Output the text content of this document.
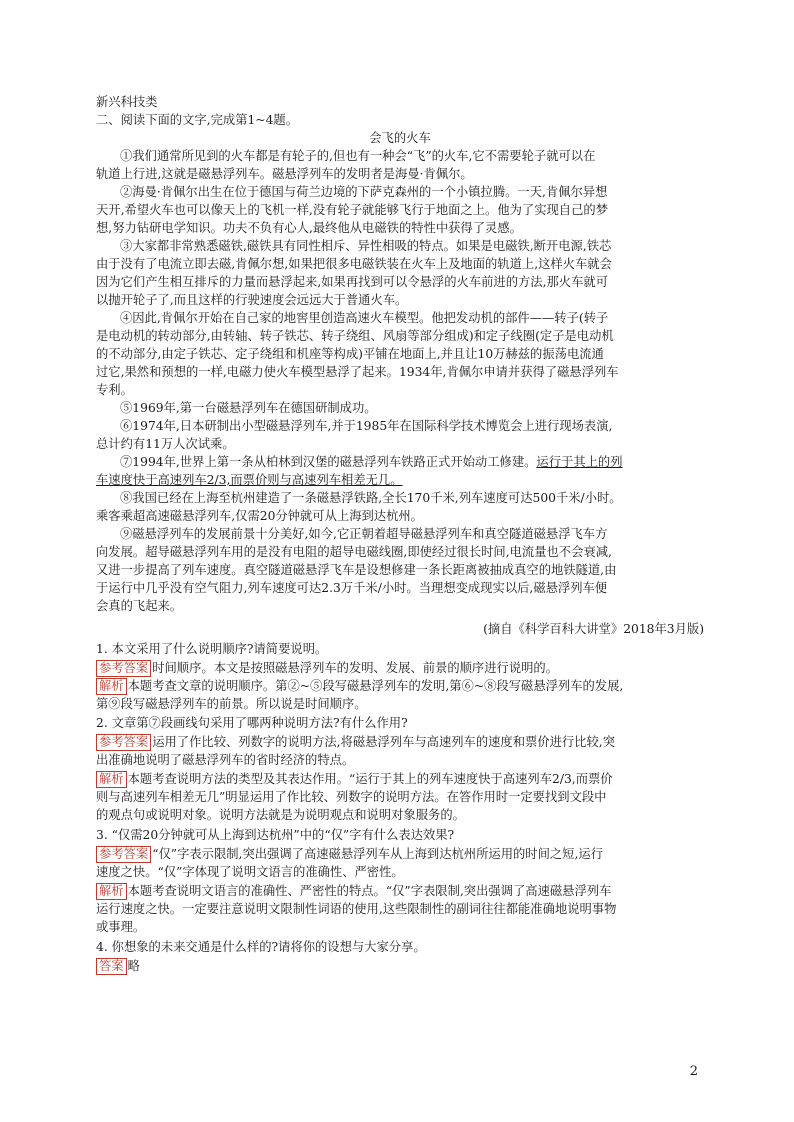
新兴科技类
二、阅读下面的文字,完成第1~4题。
会飞的火车
①我们通常所见到的火车都是有轮子的,但也有一种会“飞”的火车,它不需要轮子就可以在
轨道上行进,这就是磁悬浮列车。磁悬浮列车的发明者是海曼·肯佩尔。
②海曼·肯佩尔出生在位于德国与荷兰边境的下萨克森州的一个小镇拉腾。一天,肯佩尔异想
天开,希望火车也可以像天上的飞机一样,没有轮子就能够飞行于地面之上。他为了实现自己的梦
想,努力钻研电学知识。功夫不负有心人,最终他从电磁铁的特性中获得了灵感。
③大家都非常熟悉磁铁,磁铁具有同性相斥、异性相吸的特点。如果是电磁铁,断开电源,铁芯
由于没有了电流立即去磁,肯佩尔想,如果把很多电磁铁装在火车上及地面的轨道上,这样火车就会
因为它们产生相互排斥的力量而悬浮起来,如果再找到可以令悬浮的火车前进的方法,那火车就可
以抛开轮子了,而且这样的行驶速度会远远大于普通火车。
④因此,肯佩尔开始在自己家的地窖里创造高速火车模型。他把发动机的部件——转子(转子
是电动机的转动部分,由转轴、转子铁芯、转子绕组、风扇等部分组成)和定子线圈(定子是电动机
的不动部分,由定子铁芯、定子绕组和机座等构成)平铺在地面上,并且让10万赫兹的振荡电流通
过它,果然和预想的一样,电磁力使火车模型悬浮了起来。1934年,肯佩尔申请并获得了磁悬浮列车
专利。
⑤1969年,第一台磁悬浮列车在德国研制成功。
⑥1974年,日本研制出小型磁悬浮列车,并于1985年在国际科学技术博览会上进行现场表演,
总计约有11万人次试乘。
⑦1994年,世界上第一条从柏林到汉堡的磁悬浮列车铁路正式开始动工修建。运行于其上的列
车速度快于高速列车2/3,而票价则与高速列车相差无几。
⑧我国已经在上海至杭州建造了一条磁悬浮铁路,全长170千米,列车速度可达500千米/小时。
乘客乘超高速磁悬浮列车,仅需20分钟就可从上海到达杭州。
⑨磁悬浮列车的发展前景十分美好,如今,它正朝着超导磁悬浮列车和真空隧道磁悬浮飞车方
向发展。超导磁悬浮列车用的是没有电阻的超导电磁线圈,即使经过很长时间,电流量也不会衰减,
又进一步提高了列车速度。真空隧道磁悬浮飞车是设想修建一条长距离被抽成真空的地铁隧道,由
于运行中几乎没有空气阻力,列车速度可达2.3万千米/小时。当理想变成现实以后,磁悬浮列车便
会真的飞起来。
(摘自《科学百科大讲堂》2018年3月版)
1. 本文采用了什么说明顺序?请简要说明。
参考答案 时间顺序。本文是按照磁悬浮列车的发明、发展、前景的顺序进行说明的。
解析 本题考查文章的说明顺序。第②~⑤段写磁悬浮列车的发明,第⑥~⑧段写磁悬浮列车的发展,
第⑨段写磁悬浮列车的前景。所以说是时间顺序。
2. 文章第⑦段画线句采用了哪两种说明方法?有什么作用?
参考答案 运用了作比较、列数字的说明方法,将磁悬浮列车与高速列车的速度和票价进行比较,突
出准确地说明了磁悬浮列车的省时经济的特点。
解析 本题考查说明方法的类型及其表达作用。“运行于其上的列车速度快于高速列车2/3,而票价
则与高速列车相差无几”明显运用了作比较、列数字的说明方法。在答作用时一定要找到文段中
的观点句或说明对象。说明方法就是为说明观点和说明对象服务的。
3. “仅需20分钟就可从上海到达杭州”中的“仅”字有什么表达效果?
参考答案 “仅”字表示限制,突出强调了高速磁悬浮列车从上海到达杭州所运用的时间之短,运行
速度之快。“仅”字体现了说明文语言的准确性、严密性。
解析 本题考查说明文语言的准确性、严密性的特点。“仅”字表限制,突出强调了高速磁悬浮列车
运行速度之快。一定要注意说明文限制性词语的使用,这些限制性的副词往往都能准确地说明事物
或事理。
4. 你想象的未来交通是什么样的?请将你的设想与大家分享。
答案 略
2
